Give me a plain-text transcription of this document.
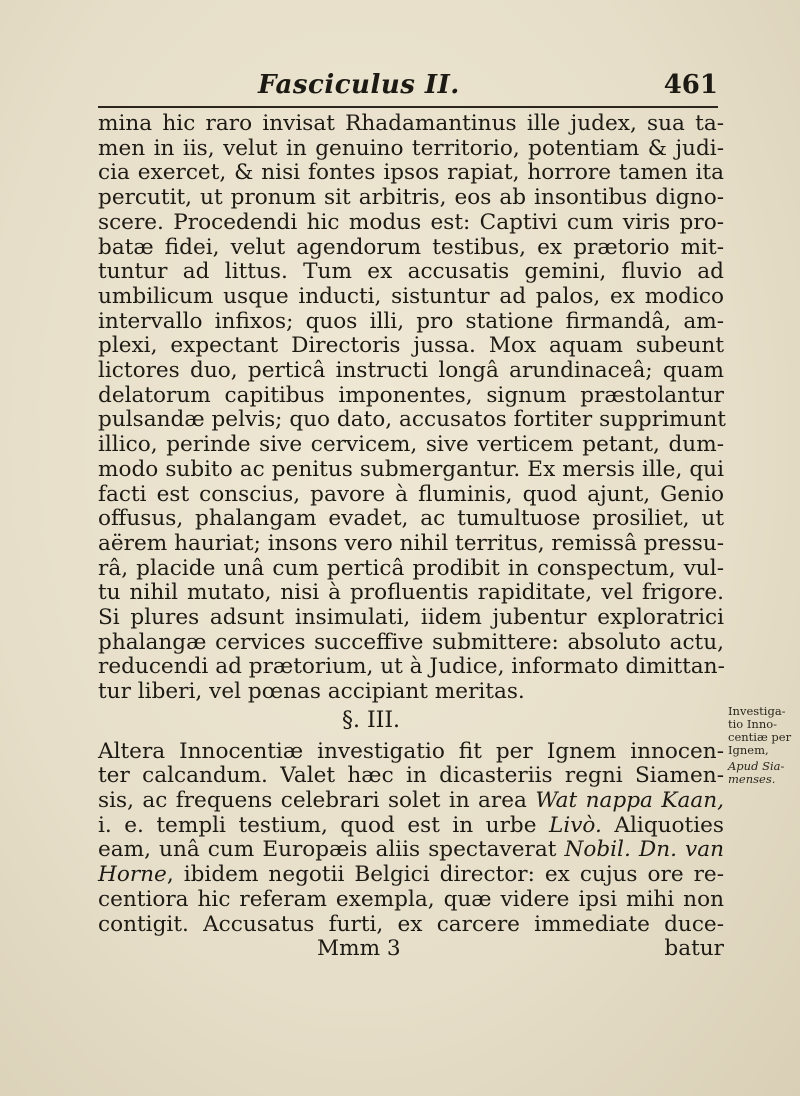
Fasciculus II.	461
mina hic raro invisat Rhadamantinus ille judex, sua ta-
men in iis, velut in genuino territorio, potentiam & judi-
cia exercet, & nisi fontes ipsos rapiat, horrore tamen ita
percutit, ut pronum sit arbitris, eos ab insontibus digno-
scere. Procedendi hic modus est: Captivi cum viris pro-
batæ fidei, velut agendorum testibus, ex prætorio mit-
tuntur ad littus. Tum ex accusatis gemini, fluvio ad
umbilicum usque inducti, sistuntur ad palos, ex modico
intervallo infixos; quos illi, pro statione firmandâ, am-
plexi, expectant Directoris jussa. Mox aquam subeunt
lictores duo, perticâ instructi longâ arundinaceâ; quam
delatorum capitibus imponentes, signum præstolantur
pulsandæ pelvis; quo dato, accusatos fortiter supprimunt
illico, perinde sive cervicem, sive verticem petant, dum-
modo subito ac penitus submergantur. Ex mersis ille, qui
facti est conscius, pavore à fluminis, quod ajunt, Genio
offusus, phalangam evadet, ac tumultuose prosiliet, ut
aërem hauriat; insons vero nihil territus, remissâ pressu-
râ, placide unâ cum perticâ prodibit in conspectum, vul-
tu nihil mutato, nisi à profluentis rapiditate, vel frigore.
Si plures adsunt insimulati, iidem jubentur exploratrici
phalangæ cervices succeffive submittere: absoluto actu,
reducendi ad prætorium, ut à Judice, informato dimittan-
tur liberi, vel pœnas accipiant meritas.
§. III.
Altera Innocentiæ investigatio fit per Ignem innocen-
ter calcandum. Valet hæc in dicasteriis regni Siamen-
sis, ac frequens celebrari solet in area Wat nappa Kaan,
i. e. templi testium, quod est in urbe Livò. Aliquoties
eam, unâ cum Europæis aliis spectaverat Nobil. Dn. van
Horne, ibidem negotii Belgici director: ex cujus ore re-
centiora hic referam exempla, quæ videre ipsi mihi non
contigit. Accusatus furti, ex carcere immediate duce-
Mmm 3	batur
Investiga-
tio Inno-
centiæ per
Ignem,
Apud Sia-
menses.
